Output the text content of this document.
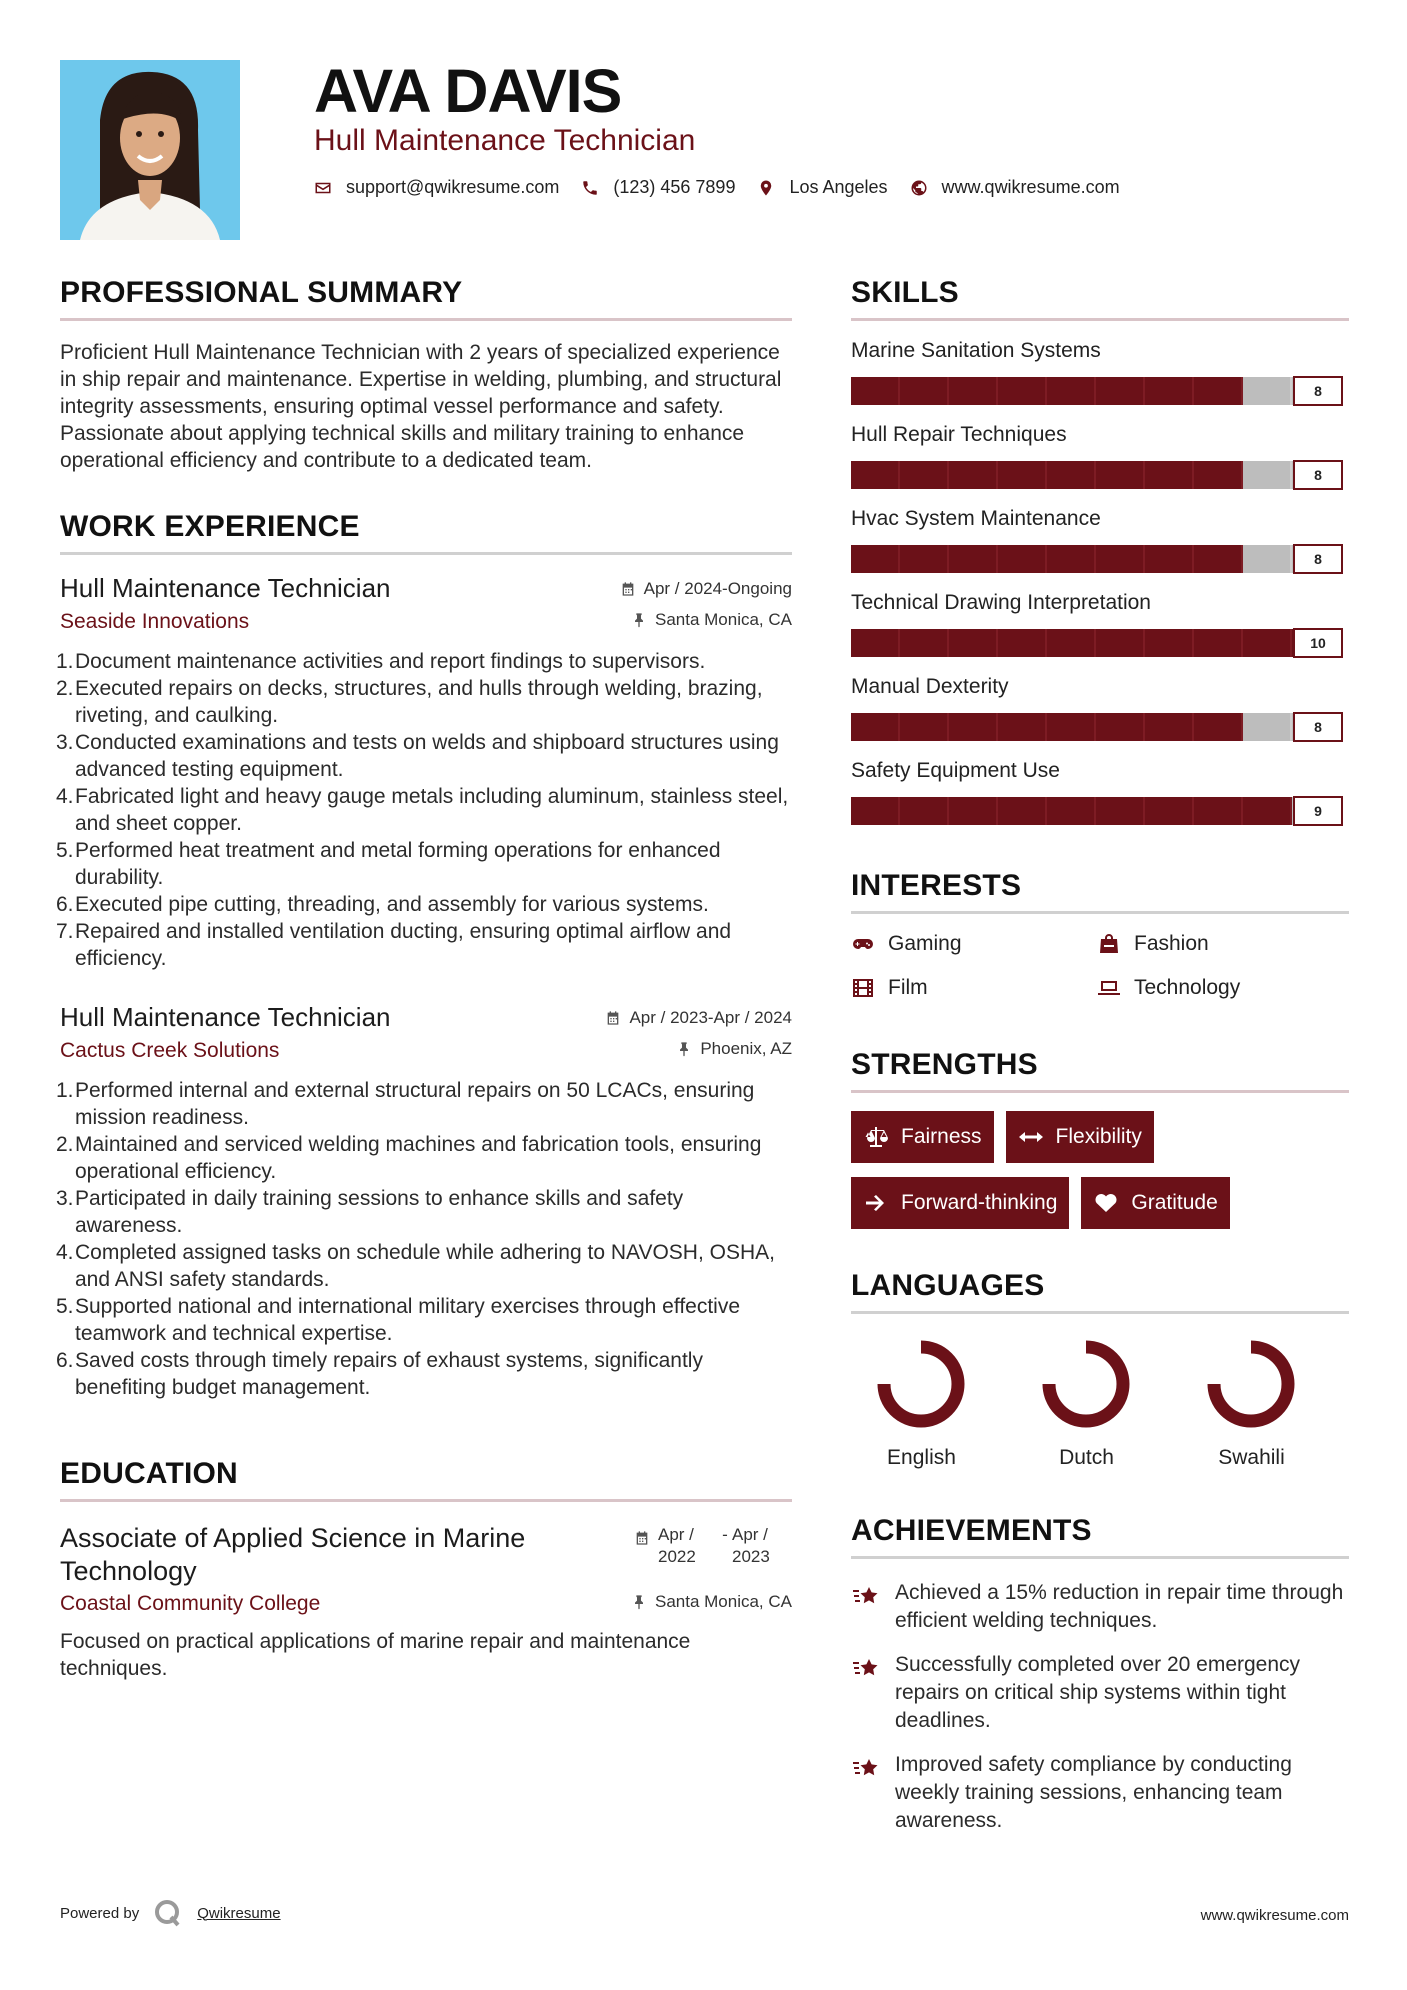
AVA DAVIS
Hull Maintenance Technician
support@qwikresume.com	(123) 456 7899	Los Angeles	www.qwikresume.com
PROFESSIONAL SUMMARY

Proficient Hull Maintenance Technician with 2 years of specialized experience in ship repair and maintenance. Expertise in welding, plumbing, and structural integrity assessments, ensuring optimal vessel performance and safety. Passionate about applying technical skills and military training to enhance operational efficiency and contribute to a dedicated team.

WORK EXPERIENCE
Hull Maintenance Technician	Apr / 2024-Ongoing
Seaside Innovations	Santa Monica, CA
1. Document maintenance activities and report findings to supervisors.
2. Executed repairs on decks, structures, and hulls through welding, brazing, riveting, and caulking.
3. Conducted examinations and tests on welds and shipboard structures using advanced testing equipment.
4. Fabricated light and heavy gauge metals including aluminum, stainless steel, and sheet copper.
5. Performed heat treatment and metal forming operations for enhanced durability.
6. Executed pipe cutting, threading, and assembly for various systems.
7. Repaired and installed ventilation ducting, ensuring optimal airflow and efficiency.
Hull Maintenance Technician	Apr / 2023-Apr / 2024
Cactus Creek Solutions	Phoenix, AZ
1. Performed internal and external structural repairs on 50 LCACs, ensuring mission readiness.
2. Maintained and serviced welding machines and fabrication tools, ensuring operational efficiency.
3. Participated in daily training sessions to enhance skills and safety awareness.
4. Completed assigned tasks on schedule while adhering to NAVOSH, OSHA, and ANSI safety standards.
5. Supported national and international military exercises through effective teamwork and technical expertise.
6. Saved costs through timely repairs of exhaust systems, significantly benefiting budget management.
EDUCATION
Associate of Applied Science in Marine Technology
Apr / 2022
- Apr / 2023
Coastal Community College	Santa Monica, CA

Focused on practical applications of marine repair and maintenance techniques.

SKILLS
Marine Sanitation Systems
8
Hull Repair Techniques
8
Hvac System Maintenance
8
Technical Drawing Interpretation
10
Manual Dexterity
8
Safety Equipment Use
9
INTERESTS
Gaming	Fashion
Film	Technology
STRENGTHS
Fairness	Flexibility
Forward-thinking	Gratitude
LANGUAGES
English	Dutch	Swahili
ACHIEVEMENTS
Achieved a 15% reduction in repair time through efficient welding techniques.
Successfully completed over 20 emergency repairs on critical ship systems within tight deadlines.
Improved safety compliance by conducting weekly training sessions, enhancing team awareness.
Powered by	Qwikresume	www.qwikresume.com
